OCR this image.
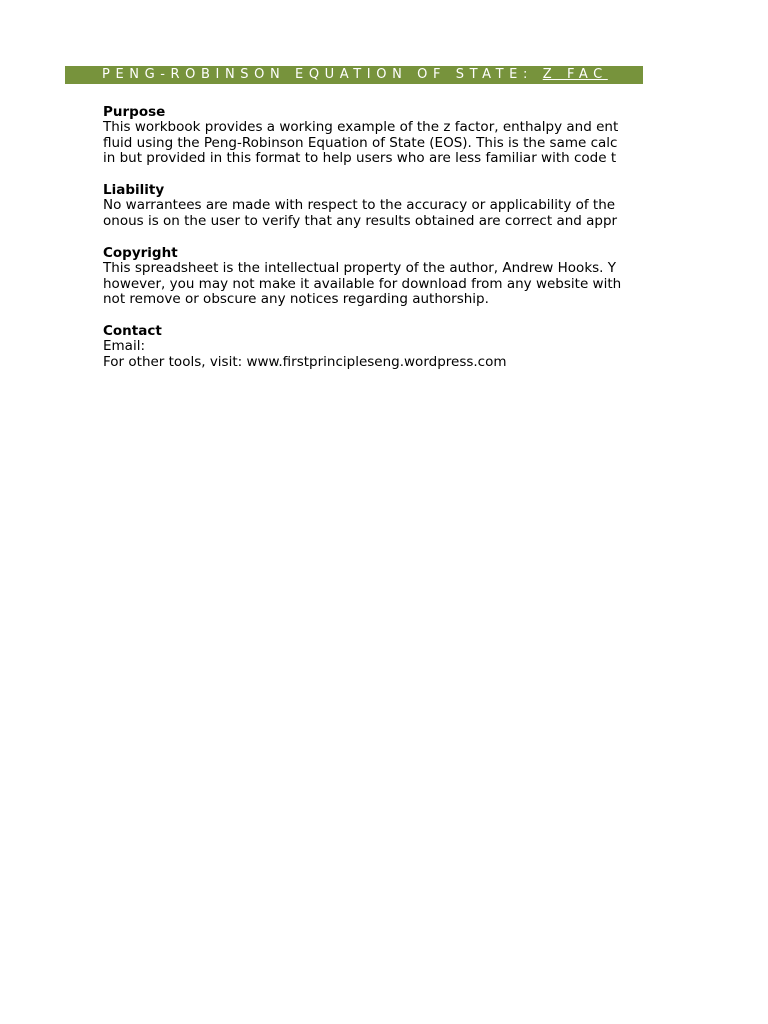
PENG-ROBINSON EQUATION OF STATE: Z FAC
Purpose
This workbook provides a working example of the z factor, enthalpy and ent
fluid using the Peng-Robinson Equation of State (EOS). This is the same calc
in but provided in this format to help users who are less familiar with code t
Liability
No warrantees are made with respect to the accuracy or applicability of the
onous is on the user to verify that any results obtained are correct and appr
Copyright
This spreadsheet is the intellectual property of the author, Andrew Hooks. Y
however, you may not make it available for download from any website with
not remove or obscure any notices regarding authorship.
Contact
Email:
For other tools, visit: www.firstprincipleseng.wordpress.com
